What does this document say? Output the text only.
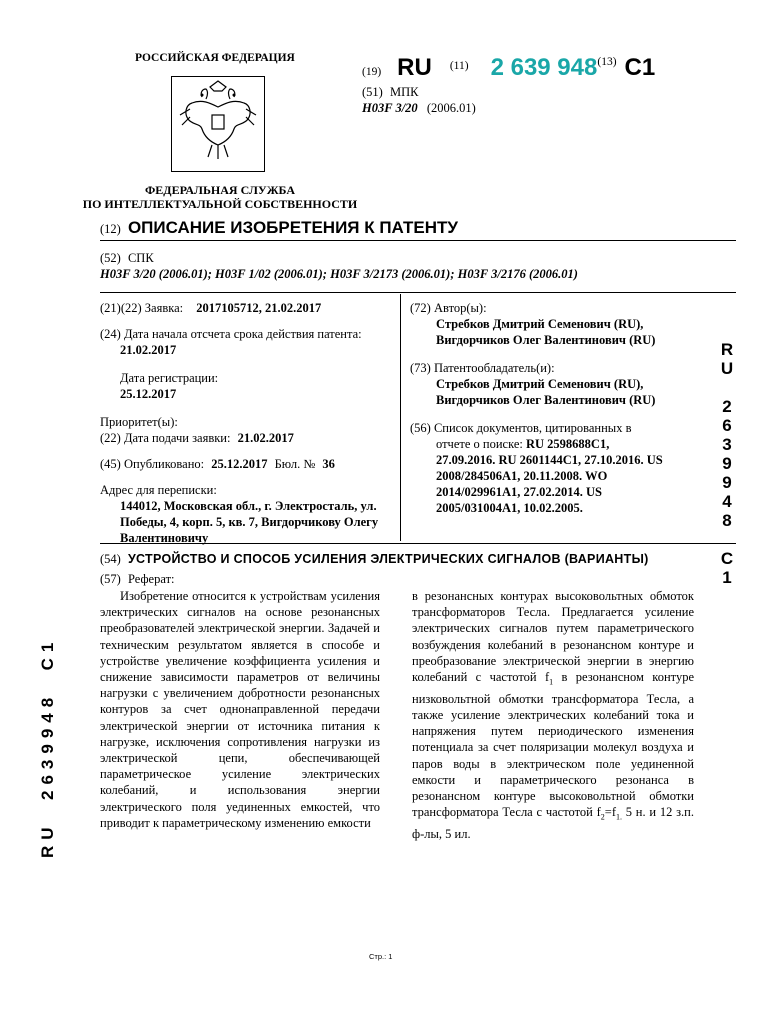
РОССИЙСКАЯ ФЕДЕРАЦИЯ
ФЕДЕРАЛЬНАЯ СЛУЖБА
ПО ИНТЕЛЛЕКТУАЛЬНОЙ СОБСТВЕННОСТИ
(19) RU $^{(11)}$ 2 639 948$^{(13)}$ C1
(51) МПК
H03F 3/20 (2006.01)
(12) ОПИСАНИЕ ИЗОБРЕТЕНИЯ К ПАТЕНТУ
(52) СПК
H03F 3/20 (2006.01); H03F 1/02 (2006.01); H03F 3/2173 (2006.01); H03F 3/2176 (2006.01)
(21)(22) Заявка: 2017105712, 21.02.2017
(24) Дата начала отсчета срока действия патента:
21.02.2017
Дата регистрации:
25.12.2017
Приоритет(ы):
(22) Дата подачи заявки: 21.02.2017
(45) Опубликовано: 25.12.2017 Бюл. № 36
Адрес для переписки:
144012, Московская обл., г. Электросталь, ул. Победы, 4, корп. 5, кв. 7, Вигдорчикову Олегу Валентиновичу
(72) Автор(ы):
Стребков Дмитрий Семенович (RU),
Вигдорчиков Олег Валентинович (RU)
(73) Патентообладатель(и):
Стребков Дмитрий Семенович (RU),
Вигдорчиков Олег Валентинович (RU)
(56) Список документов, цитированных в отчете о поиске: RU 2598688C1, 27.09.2016. RU 2601144C1, 27.10.2016. US 2008/284506A1, 20.11.2008. WO 2014/029961A1, 27.02.2014. US 2005/031004A1, 10.02.2005.
R
U

2
6
3
9
9
4
8

C
1
RU  2639948  C1
(54) УСТРОЙСТВО И СПОСОБ УСИЛЕНИЯ ЭЛЕКТРИЧЕСКИХ СИГНАЛОВ (ВАРИАНТЫ)
(57) Реферат:
Изобретение относится к устройствам усиления электрических сигналов на основе резонансных преобразователей электрической энергии. Задачей и техническим результатом является в способе и устройстве увеличение коэффициента усиления и снижение зависимости параметров от величины нагрузки с увеличением добротности резонансных контуров за счет однонаправленной передачи электрической энергии от источника питания к нагрузке, исключения сопротивления нагрузки из электрической цепи, обеспечивающей параметрическое усиление электрических колебаний, и использования энергии электрического поля уединенных емкостей, что приводит к параметрическому изменению емкости
в резонансных контурах высоковольтных обмоток трансформаторов Тесла. Предлагается усиление электрических сигналов путем параметрического возбуждения колебаний в резонансном контуре и преобразование электрической энергии в энергию колебаний с частотой $f_1$ в резонансном контуре низковольтной обмотки трансформатора Тесла, а также усиление электрических колебаний тока и напряжения путем периодического изменения потенциала за счет поляризации молекул воздуха и паров воды в электрическом поле уединенной емкости и параметрического резонанса в резонансном контуре высоковольтной обмотки трансформатора Тесла с частотой $f_2=f_{1.}$ 5 н. и 12 з.п. ф-лы, 5 ил.
Стр.: 1
